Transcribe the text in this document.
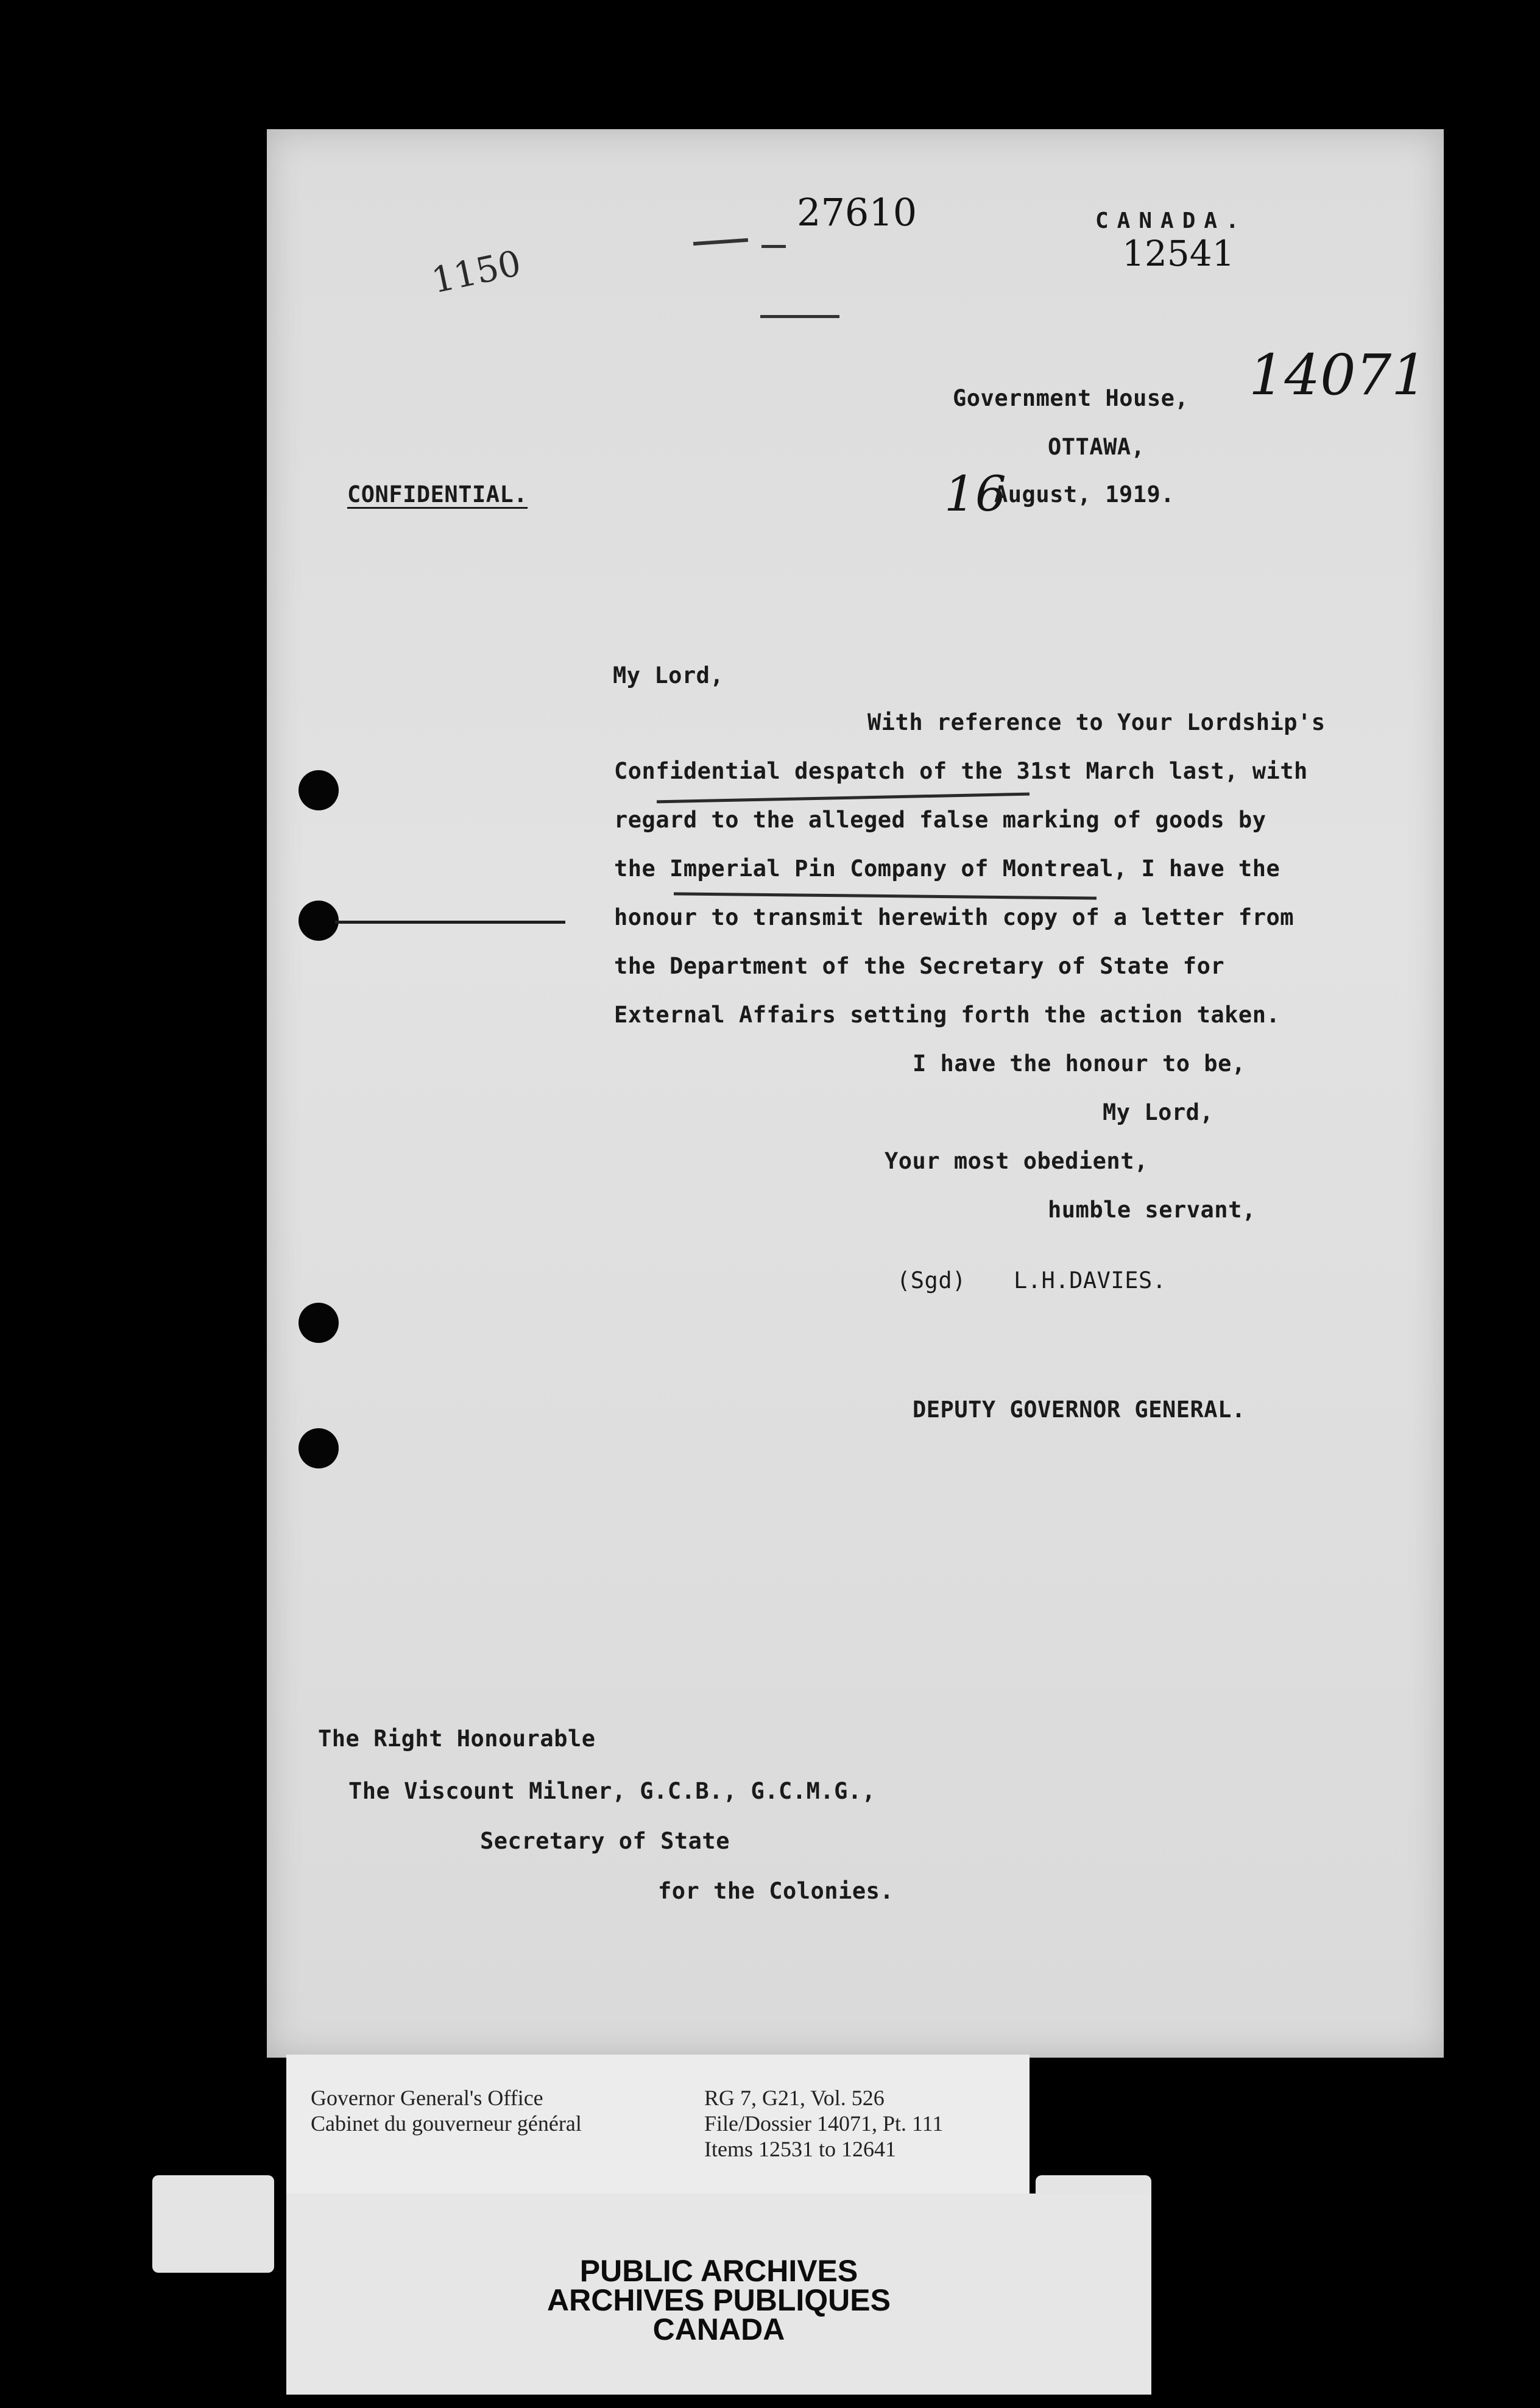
27610	CANADA.
12541
1150
14071
Government House,
OTTAWA,
CONFIDENTIAL.	16
August, 1919.
My Lord,
With reference to Your Lordship's
Confidential despatch of the 31st March last, with
regard to the alleged false marking of goods by
the Imperial Pin Company of Montreal, I have the
honour to transmit herewith copy of a letter from
the Department of the Secretary of State for
External Affairs setting forth the action taken.
I have the honour to be,
My Lord,
Your most obedient,
humble servant,
(Sgd) L.H.DAVIES.
DEPUTY GOVERNOR GENERAL.
The Right Honourable
The Viscount Milner, G.C.B., G.C.M.G.,
Secretary of State
for the Colonies.
Governor General's Office
Cabinet du gouverneur général
RG 7, G21, Vol. 526
File/Dossier 14071, Pt. 111
Items 12531 to 12641
PUBLIC ARCHIVES
ARCHIVES PUBLIQUES
CANADA
